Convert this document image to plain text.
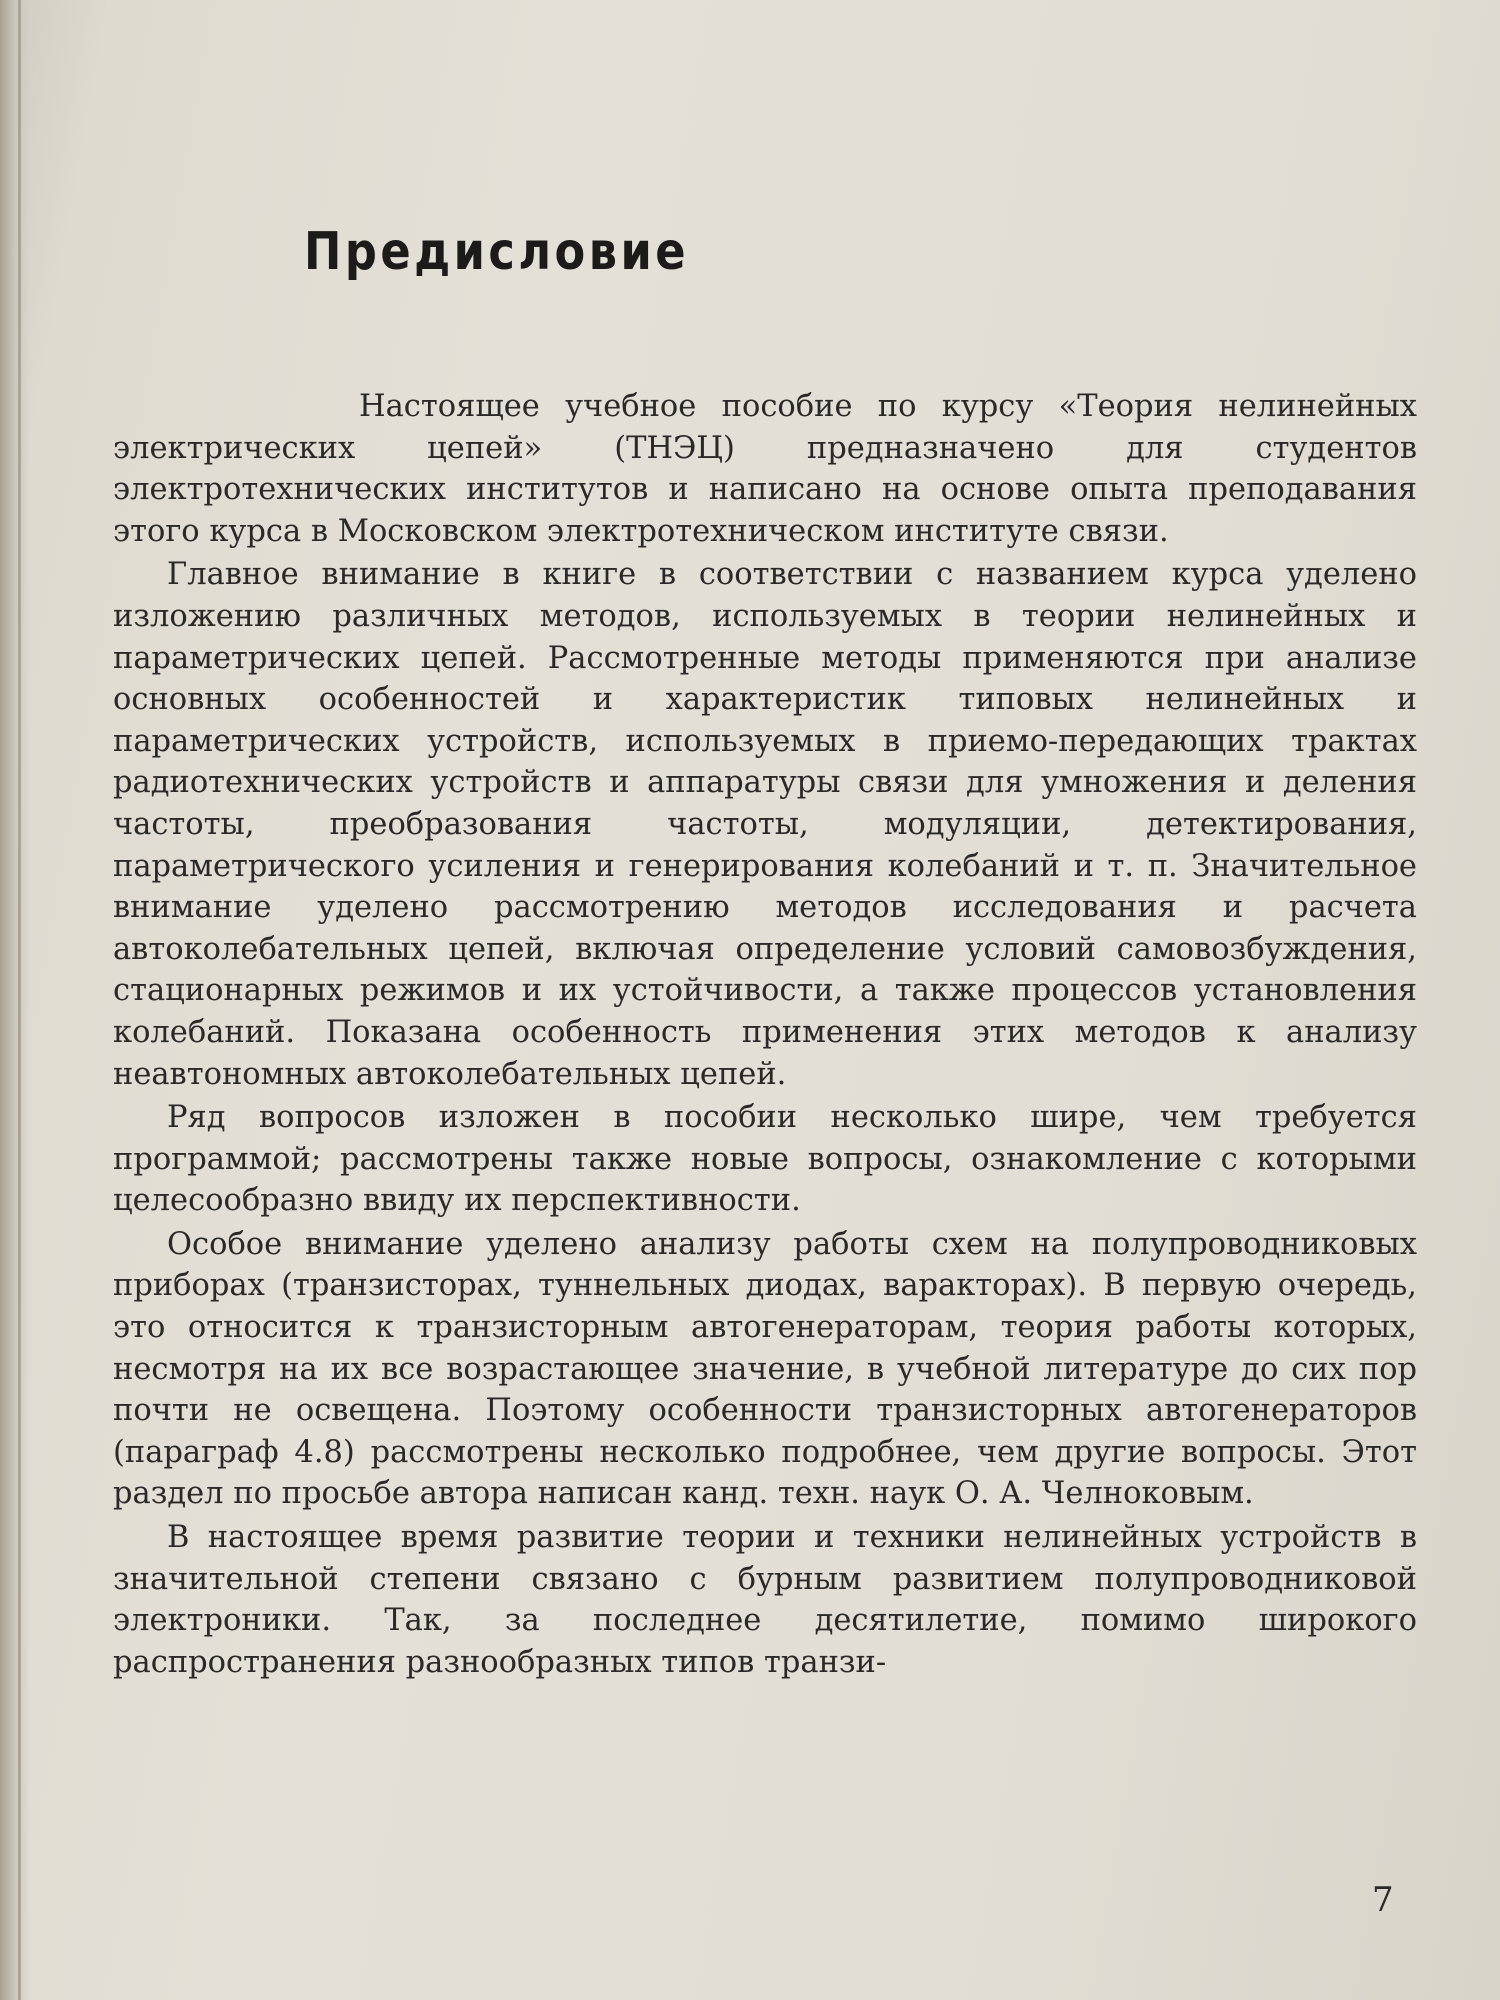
Предисловие

Настоящее учебное пособие по курсу «Теория нелинейных электрических цепей» (ТНЭЦ) предназначено для студентов электротехнических институтов и написано на основе опыта преподавания этого курса в Московском электротехническом институте связи.

Главное внимание в книге в соответствии с названием курса уделено изложению различных методов, используемых в теории нелинейных и параметрических цепей. Рассмотренные методы применяются при анализе основных особенностей и характеристик типовых нелинейных и параметрических устройств, используемых в приемо-передающих трактах радиотехнических устройств и аппаратуры связи для умножения и деления частоты, преобразования частоты, модуляции, детектирования, параметрического усиления и генерирования колебаний и т. п. Значительное внимание уделено рассмотрению методов исследования и расчета автоколебательных цепей, включая определение условий самовозбуждения, стационарных режимов и их устойчивости, а также процессов установления колебаний. Показана особенность применения этих методов к анализу неавтономных автоколебательных цепей.

Ряд вопросов изложен в пособии несколько шире, чем требуется программой; рассмотрены также новые вопросы, ознакомление с которыми целесообразно ввиду их перспективности.

Особое внимание уделено анализу работы схем на полупроводниковых приборах (транзисторах, туннельных диодах, варакторах). В первую очередь, это относится к транзисторным автогенераторам, теория работы которых, несмотря на их все возрастающее значение, в учебной литературе до сих пор почти не освещена. Поэтому особенности транзисторных автогенераторов (параграф 4.8) рассмотрены несколько подробнее, чем другие вопросы. Этот раздел по просьбе автора написан канд. техн. наук О. А. Челноковым.

В настоящее время развитие теории и техники нелинейных устройств в значительной степени связано с бурным развитием полупроводниковой электроники. Так, за последнее десятилетие, помимо широкого распространения разнообразных типов транзи-

7
